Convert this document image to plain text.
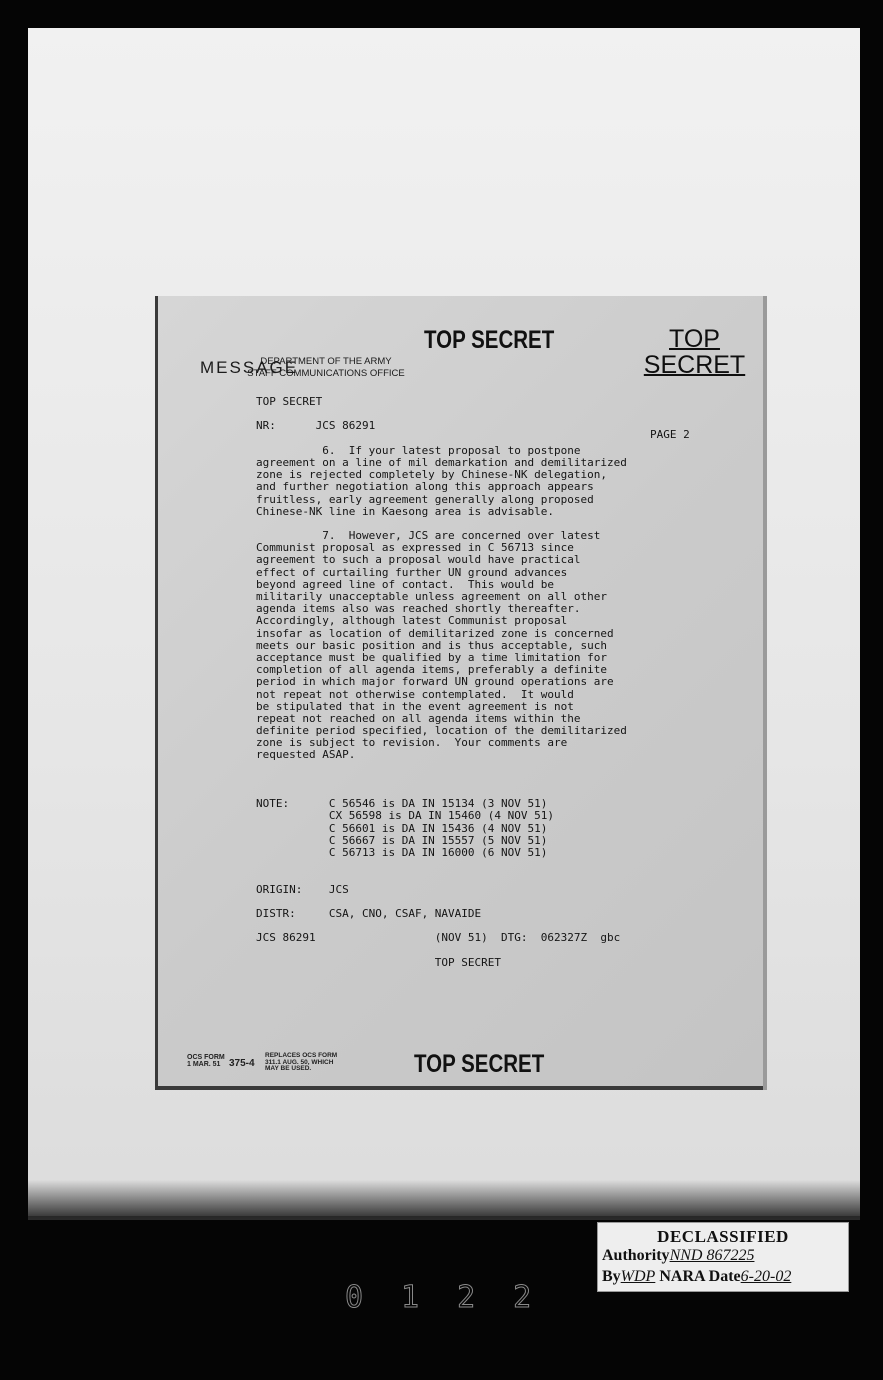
TOP SECRET
DEPARTMENT OF THE ARMY
STAFF COMMUNICATIONS OFFICE
MESSAGE
TOP
SECRET
TOP SECRET
NR:      JCS 86291
6.  If your latest proposal to postpone
agreement on a line of mil demarkation and demilitarized
zone is rejected completely by Chinese-NK delegation,
and further negotiation along this approach appears
fruitless, early agreement generally along proposed
Chinese-NK line in Kaesong area is advisable.
7.  However, JCS are concerned over latest
Communist proposal as expressed in C 56713 since
agreement to such a proposal would have practical
effect of curtailing further UN ground advances
beyond agreed line of contact.  This would be
militarily unacceptable unless agreement on all other
agenda items also was reached shortly thereafter.
Accordingly, although latest Communist proposal
insofar as location of demilitarized zone is concerned
meets our basic position and is thus acceptable, such
acceptance must be qualified by a time limitation for
completion of all agenda items, preferably a definite
period in which major forward UN ground operations are
not repeat not otherwise contemplated.  It would
be stipulated that in the event agreement is not
repeat not reached on all agenda items within the
definite period specified, location of the demilitarized
zone is subject to revision.  Your comments are
requested ASAP.
NOTE:      C 56546 is DA IN 15134 (3 NOV 51)
CX 56598 is DA IN 15460 (4 NOV 51)
C 56601 is DA IN 15436 (4 NOV 51)
C 56667 is DA IN 15557 (5 NOV 51)
C 56713 is DA IN 16000 (6 NOV 51)
ORIGIN:    JCS
DISTR:     CSA, CNO, CSAF, NAVAIDE
JCS 86291                  (NOV 51)  DTG:  062327Z  gbc
TOP SECRET
PAGE 2
OCS FORM
1 MAR. 51 375-4
REPLACES OCS FORM 311.1 AUG. 50, WHICH MAY BE USED.	TOP SECRET
DECLASSIFIED
AuthorityNND 867225
ByWDP NARA Date6-20-02
0122
